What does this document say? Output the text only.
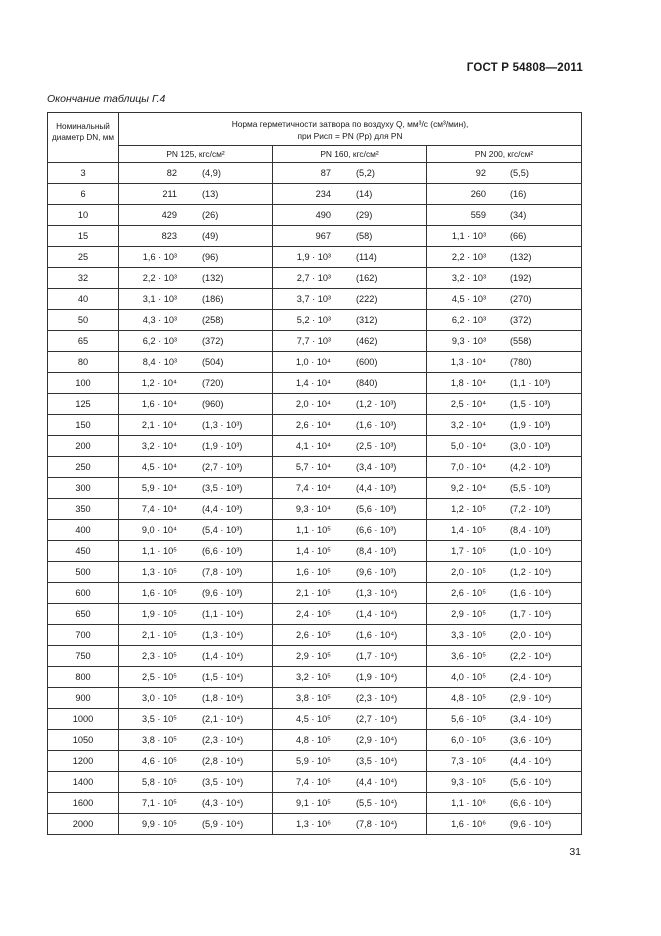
ГОСТ Р 54808—2011
Окончание таблицы Г.4
Номинальный диаметр DN, мм	Норма герметичности затвора по воздуху Q, мм³/с (см³/мин),
при Pисп = PN (Pp) для PN		

	PN 125, кгс/см²	PN 160, кгс/см²	PN 200, кгс/см²
3	82 (4,9)	87 (5,2)	92 (5,5)

6	211 (13)	234 (14)	260 (16)

10	429 (26)	490 (29)	559 (34)

15	823 (49)	967 (58)	1,1 · 10³ (66)

25	1,6 · 10³ (96)	1,9 · 10³ (114)	2,2 · 10³ (132)

32	2,2 · 10³ (132)	2,7 · 10³ (162)	3,2 · 10³ (192)

40	3,1 · 10³ (186)	3,7 · 10³ (222)	4,5 · 10³ (270)

50	4,3 · 10³ (258)	5,2 · 10³ (312)	6,2 · 10³ (372)

65	6,2 · 10³ (372)	7,7 · 10³ (462)	9,3 · 10³ (558)

80	8,4 · 10³ (504)	1,0 · 10⁴ (600)	1,3 · 10⁴ (780)

100	1,2 · 10⁴ (720)	1,4 · 10⁴ (840)	1,8 · 10⁴ (1,1 · 10³)

125	1,6 · 10⁴ (960)	2,0 · 10⁴ (1,2 · 10³)	2,5 · 10⁴ (1,5 · 10³)

150	2,1 · 10⁴ (1,3 · 10³)	2,6 · 10⁴ (1,6 · 10³)	3,2 · 10⁴ (1,9 · 10³)

200	3,2 · 10⁴ (1,9 · 10³)	4,1 · 10⁴ (2,5 · 10³)	5,0 · 10⁴ (3,0 · 10³)

250	4,5 · 10⁴ (2,7 · 10³)	5,7 · 10⁴ (3,4 · 10³)	7,0 · 10⁴ (4,2 · 10³)

300	5,9 · 10⁴ (3,5 · 10³)	7,4 · 10⁴ (4,4 · 10³)	9,2 · 10⁴ (5,5 · 10³)

350	7,4 · 10⁴ (4,4 · 10³)	9,3 · 10⁴ (5,6 · 10³)	1,2 · 10⁵ (7,2 · 10³)

400	9,0 · 10⁴ (5,4 · 10³)	1,1 · 10⁵ (6,6 · 10³)	1,4 · 10⁵ (8,4 · 10³)

450	1,1 · 10⁵ (6,6 · 10³)	1,4 · 10⁵ (8,4 · 10³)	1,7 · 10⁵ (1,0 · 10⁴)

500	1,3 · 10⁵ (7,8 · 10³)	1,6 · 10⁵ (9,6 · 10³)	2,0 · 10⁵ (1,2 · 10⁴)

600	1,6 · 10⁵ (9,6 · 10³)	2,1 · 10⁵ (1,3 · 10⁴)	2,6 · 10⁵ (1,6 · 10⁴)

650	1,9 · 10⁵ (1,1 · 10⁴)	2,4 · 10⁵ (1,4 · 10⁴)	2,9 · 10⁵ (1,7 · 10⁴)

700	2,1 · 10⁵ (1,3 · 10⁴)	2,6 · 10⁵ (1,6 · 10⁴)	3,3 · 10⁵ (2,0 · 10⁴)

750	2,3 · 10⁵ (1,4 · 10⁴)	2,9 · 10⁵ (1,7 · 10⁴)	3,6 · 10⁵ (2,2 · 10⁴)

800	2,5 · 10⁵ (1,5 · 10⁴)	3,2 · 10⁵ (1,9 · 10⁴)	4,0 · 10⁵ (2,4 · 10⁴)

900	3,0 · 10⁵ (1,8 · 10⁴)	3,8 · 10⁵ (2,3 · 10⁴)	4,8 · 10⁵ (2,9 · 10⁴)

1000	3,5 · 10⁵ (2,1 · 10⁴)	4,5 · 10⁵ (2,7 · 10⁴)	5,6 · 10⁵ (3,4 · 10⁴)

1050	3,8 · 10⁵ (2,3 · 10⁴)	4,8 · 10⁵ (2,9 · 10⁴)	6,0 · 10⁵ (3,6 · 10⁴)

1200	4,6 · 10⁵ (2,8 · 10⁴)	5,9 · 10⁵ (3,5 · 10⁴)	7,3 · 10⁵ (4,4 · 10⁴)

1400	5,8 · 10⁵ (3,5 · 10⁴)	7,4 · 10⁵ (4,4 · 10⁴)	9,3 · 10⁵ (5,6 · 10⁴)

1600	7,1 · 10⁵ (4,3 · 10⁴)	9,1 · 10⁵ (5,5 · 10⁴)	1,1 · 10⁶ (6,6 · 10⁴)

2000	9,9 · 10⁵ (5,9 · 10⁴)	1,3 · 10⁶ (7,8 · 10⁴)	1,6 · 10⁶ (9,6 · 10⁴)
31
